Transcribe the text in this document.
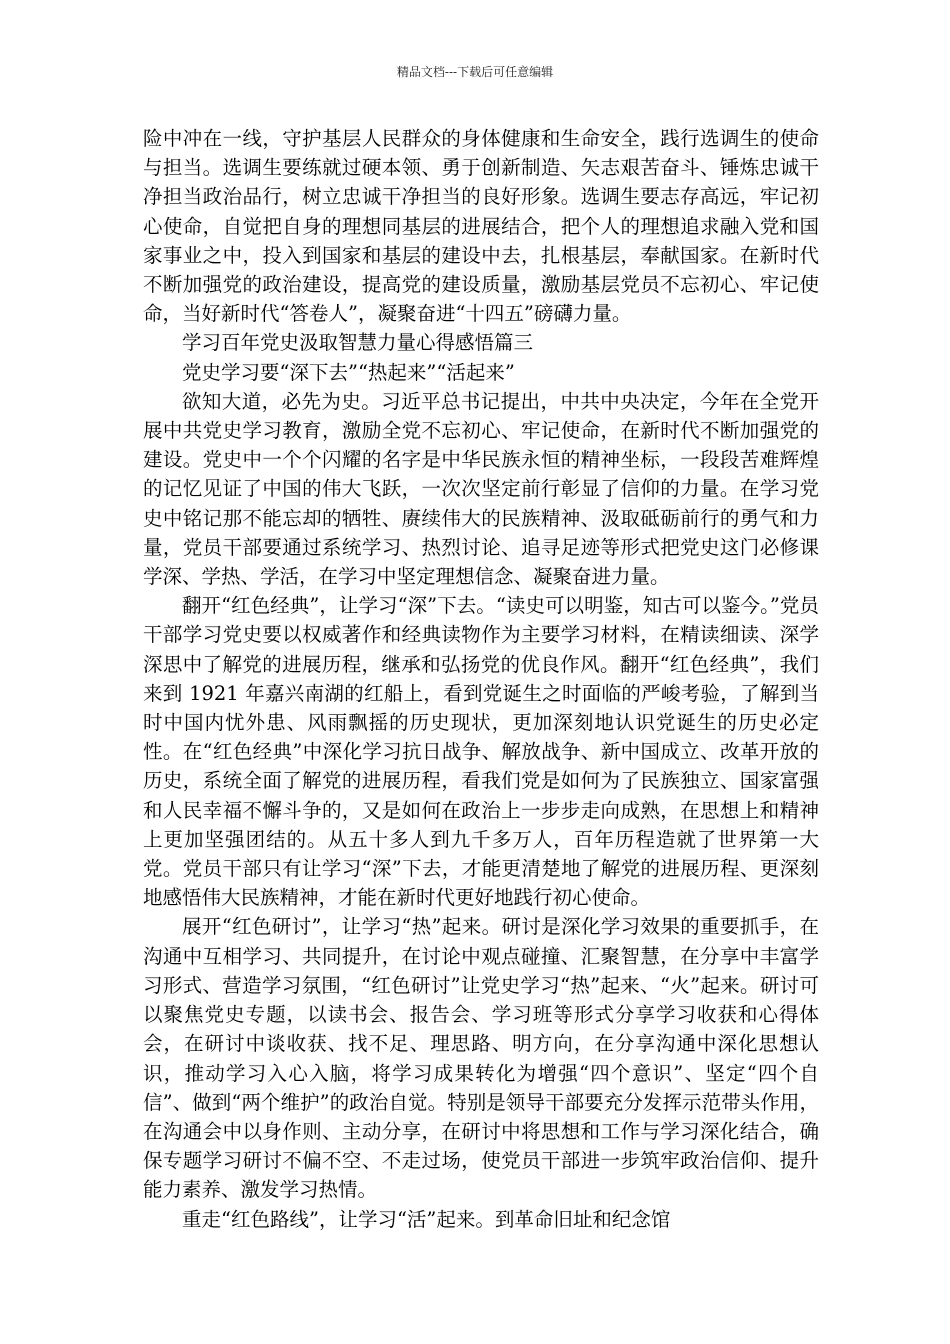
精品文档---下载后可任意编辑

险中冲在一线，守护基层人民群众的身体健康和生命安全，践行选调生的使命与担当。选调生要练就过硬本领、勇于创新制造、矢志艰苦奋斗、锤炼忠诚干净担当政治品行，树立忠诚干净担当的良好形象。选调生要志存高远，牢记初心使命，自觉把自身的理想同基层的进展结合，把个人的理想追求融入党和国家事业之中，投入到国家和基层的建设中去，扎根基层，奉献国家。在新时代不断加强党的政治建设，提高党的建设质量，激励基层党员不忘初心、牢记使命，当好新时代“答卷人”，凝聚奋进“十四五”磅礴力量。

学习百年党史汲取智慧力量心得感悟篇三

党史学习要“深下去”“热起来”“活起来”

欲知大道，必先为史。习近平总书记提出，中共中央决定，今年在全党开展中共党史学习教育，激励全党不忘初心、牢记使命，在新时代不断加强党的建设。党史中一个个闪耀的名字是中华民族永恒的精神坐标，一段段苦难辉煌的记忆见证了中国的伟大飞跃，一次次坚定前行彰显了信仰的力量。在学习党史中铭记那不能忘却的牺牲、赓续伟大的民族精神、汲取砥砺前行的勇气和力量，党员干部要通过系统学习、热烈讨论、追寻足迹等形式把党史这门必修课学深、学热、学活，在学习中坚定理想信念、凝聚奋进力量。

翻开“红色经典”，让学习“深”下去。“读史可以明鉴，知古可以鉴今。”党员干部学习党史要以权威著作和经典读物作为主要学习材料，在精读细读、深学深思中了解党的进展历程，继承和弘扬党的优良作风。翻开“红色经典”，我们来到 1921 年嘉兴南湖的红船上，看到党诞生之时面临的严峻考验，了解到当时中国内忧外患、风雨飘摇的历史现状，更加深刻地认识党诞生的历史必定性。在“红色经典”中深化学习抗日战争、解放战争、新中国成立、改革开放的历史，系统全面了解党的进展历程，看我们党是如何为了民族独立、国家富强和人民幸福不懈斗争的，又是如何在政治上一步步走向成熟，在思想上和精神上更加坚强团结的。从五十多人到九千多万人，百年历程造就了世界第一大党。党员干部只有让学习“深”下去，才能更清楚地了解党的进展历程、更深刻地感悟伟大民族精神，才能在新时代更好地践行初心使命。

展开“红色研讨”，让学习“热”起来。研讨是深化学习效果的重要抓手，在沟通中互相学习、共同提升，在讨论中观点碰撞、汇聚智慧，在分享中丰富学习形式、营造学习氛围，“红色研讨”让党史学习“热”起来、“火”起来。研讨可以聚焦党史专题，以读书会、报告会、学习班等形式分享学习收获和心得体会，在研讨中谈收获、找不足、理思路、明方向，在分享沟通中深化思想认识，推动学习入心入脑，将学习成果转化为增强“四个意识”、坚定“四个自信”、做到“两个维护”的政治自觉。特别是领导干部要充分发挥示范带头作用，在沟通会中以身作则、主动分享，在研讨中将思想和工作与学习深化结合，确保专题学习研讨不偏不空、不走过场，使党员干部进一步筑牢政治信仰、提升能力素养、激发学习热情。

重走“红色路线”，让学习“活”起来。到革命旧址和纪念馆
